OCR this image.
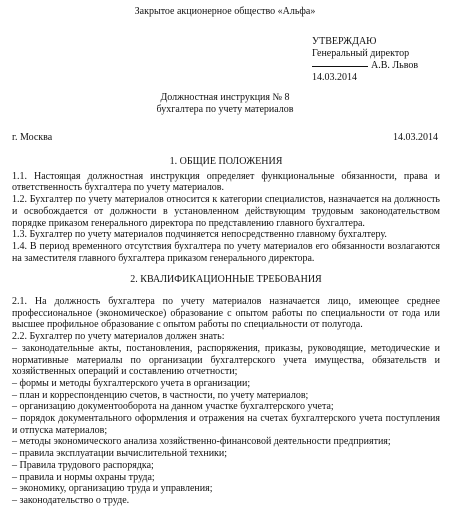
Закрытое акционерное общество «Альфа»
УТВЕРЖДАЮ
Генеральный директор
А.В. Львов
14.03.2014
Должностная инструкция № 8
бухгалтера по учету материалов
г. Москва	14.03.2014
1. ОБЩИЕ ПОЛОЖЕНИЯ

1.1. Настоящая должностная инструкция определяет функциональные обязанности, права и ответственность бухгалтера по учету материалов.

1.2. Бухгалтер по учету материалов относится к категории специалистов, назначается на должность и освобождается от должности в установленном действующим трудовым законодательством порядке приказом генерального директора по представлению главного бухгалтера.

1.3. Бухгалтер по учету материалов подчиняется непосредственно главному бухгалтеру.

1.4. В период временного отсутствия бухгалтера по учету материалов его обязанности возлагаются на заместителя главного бухгалтера приказом генерального директора.

2. КВАЛИФИКАЦИОННЫЕ ТРЕБОВАНИЯ

2.1. На должность бухгалтера по учету материалов назначается лицо, имеющее среднее профессиональное (экономическое) образование с опытом работы по специальности от года или высшее профильное образование с опытом работы по специальности от полугода.

2.2. Бухгалтер по учету материалов должен знать:

– законодательные акты, постановления, распоряжения, приказы, руководящие, методические и нормативные материалы по организации бухгалтерского учета имущества, обязательств и хозяйственных операций и составлению отчетности;

– формы и методы бухгалтерского учета в организации;

– план и корреспонденцию счетов, в частности, по учету материалов;

– организацию документооборота на данном участке бухгалтерского учета;

– порядок документального оформления и отражения на счетах бухгалтерского учета поступления и отпуска материалов;

– методы экономического анализа хозяйственно-финансовой деятельности предприятия;

– правила эксплуатации вычислительной техники;

– Правила трудового распорядка;

– правила и нормы охраны труда;

– экономику, организацию труда и управления;

– законодательство о труде.
